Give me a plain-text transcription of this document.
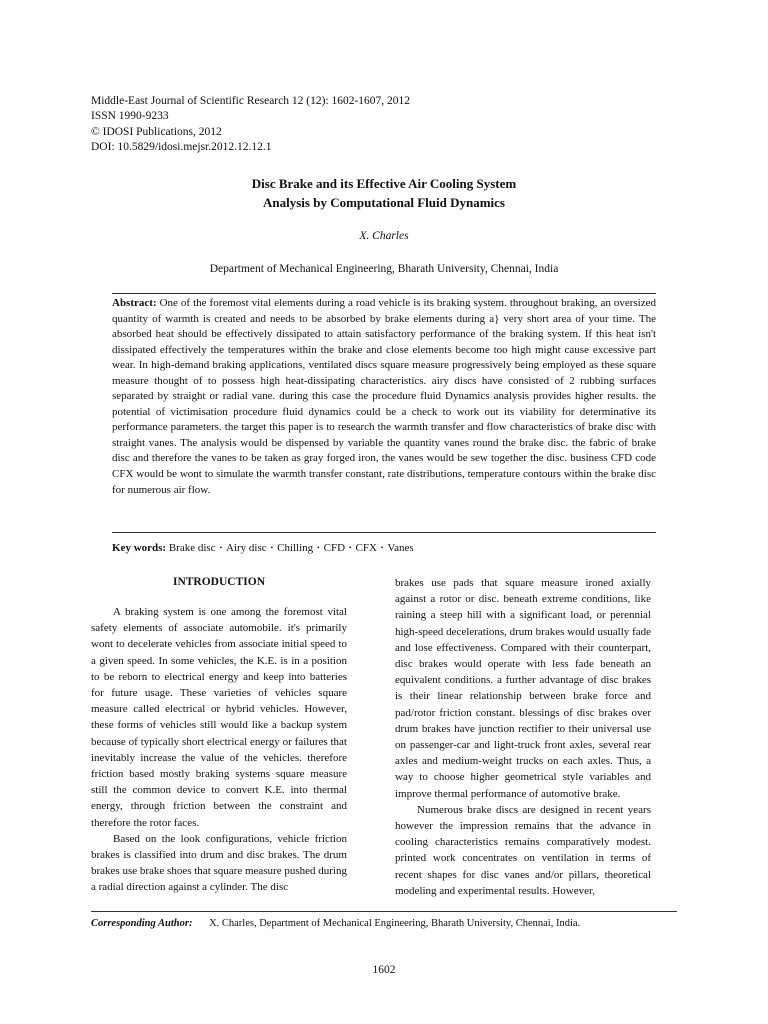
Middle-East Journal of Scientific Research 12 (12): 1602-1607, 2012
ISSN 1990-9233
© IDOSI Publications, 2012
DOI: 10.5829/idosi.mejsr.2012.12.12.1
Disc Brake and its Effective Air Cooling System
Analysis by Computational Fluid Dynamics
X. Charles
Department of Mechanical Engineering, Bharath University, Chennai, India
Abstract: One of the foremost vital elements during a road vehicle is its braking system. throughout braking, an oversized quantity of warmth is created and needs to be absorbed by brake elements during a} very short area of your time. The absorbed heat should be effectively dissipated to attain satisfactory performance of the braking system. If this heat isn't dissipated effectively the temperatures within the brake and close elements become too high might cause excessive part wear. In high-demand braking applications, ventilated discs square measure progressively being employed as these square measure thought of to possess high heat-dissipating characteristics. airy discs have consisted of 2 rubbing surfaces separated by straight or radial vane. during this case the procedure fluid Dynamics analysis provides higher results. the potential of victimisation procedure fluid dynamics could be a check to work out its viability for determinative its performance parameters. the target this paper is to research the warmth transfer and flow characteristics of brake disc with straight vanes. The analysis would be dispensed by variable the quantity vanes round the brake disc. the fabric of brake disc and therefore the vanes to be taken as gray forged iron, the vanes would be sew together the disc. business CFD code CFX would be wont to simulate the warmth transfer constant, rate distributions, temperature contours within the brake disc for numerous air flow.
Key words: Brake disc • Airy disc • Chilling • CFD • CFX • Vanes
INTRODUCTION

A braking system is one among the foremost vital safety elements of associate automobile. it's primarily wont to decelerate vehicles from associate initial speed to a given speed. In some vehicles, the K.E. is in a position to be reborn to electrical energy and keep into batteries for future usage. These varieties of vehicles square measure called electrical or hybrid vehicles. However, these forms of vehicles still would like a backup system because of typically short electrical energy or failures that inevitably increase the value of the vehicles. therefore friction based mostly braking systems square measure still the common device to convert K.E. into thermal energy, through friction between the constraint and therefore the rotor faces.

Based on the look configurations, vehicle friction brakes is classified into drum and disc brakes. The drum brakes use brake shoes that square measure pushed during a radial direction against a cylinder. The disc

brakes use pads that square measure ironed axially against a rotor or disc. beneath extreme conditions, like raining a steep hill with a significant load, or perennial high-speed decelerations, drum brakes would usually fade and lose effectiveness. Compared with their counterpart, disc brakes would operate with less fade beneath an equivalent conditions. a further advantage of disc brakes is their linear relationship between brake force and pad/rotor friction constant. blessings of disc brakes over drum brakes have junction rectifier to their universal use on passenger-car and light-truck front axles, several rear axles and medium-weight trucks on each axles. Thus, a way to choose higher geometrical style variables and improve thermal performance of automotive brake.

Numerous brake discs are designed in recent years however the impression remains that the advance in cooling characteristics remains comparatively modest. printed work concentrates on ventilation in terms of recent shapes for disc vanes and/or pillars, theoretical modeling and experimental results. However,

Corresponding Author: X. Charles, Department of Mechanical Engineering, Bharath University, Chennai, India.
1602
